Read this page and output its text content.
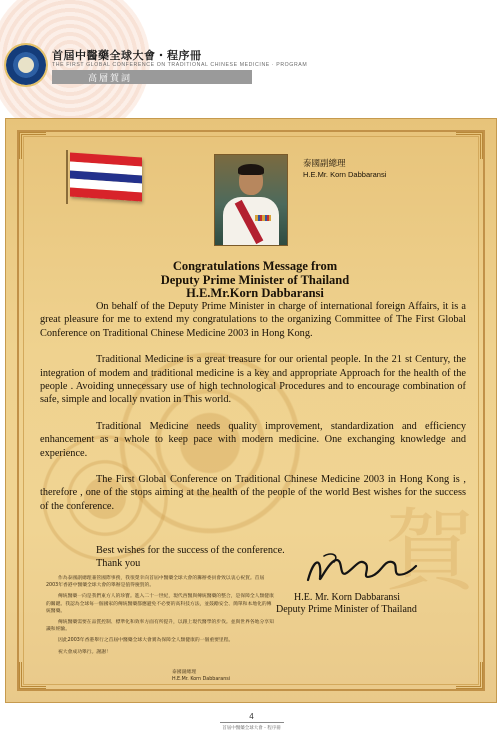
首屆中醫藥全球大會・程序冊
THE FIRST GLOBAL CONFERENCE ON TRADITIONAL CHINESE MEDICINE · PROGRAM
高層賀詞
賀
泰國副總理
H.E.Mr. Korn Dabbaransi
Congratulations Message from
Deputy Prime Minister of Thailand
H.E.Mr.Korn Dabbaransi

On behalf of the Deputy Prime Minister in charge of international foreign Affairs, it is a great pleasure for me to extend my congratulations to the organizing Committee of The First Global Conference on Traditional Chinese Medicine 2003 in Hong Kong.

Traditional Medicine is a great treasure for our oriental people. In the 21 st Century, the integration of modem and traditional medicine is a key and appropriate Approach for the health of the people . Avoiding unnecessary use of high technological Procedures and to encourage combination of safe, simple and locally nvation in This world.

Traditional Medicine needs quality improvement, standardization and efficiency enhancement as a whole to keep pace with modern medicine. One exchanging knowledge and experience.

The First Global Conference on Traditional Chinese Medicine 2003 in Hong Kong is , therefore , one of the stops aiming at the health of the people of the world Best wishes for the success of the conference.

Best wishes for the success of the conference.
Thank you

作為泰國副總理兼管國際事務，我很榮幸向首屆中醫藥全球大會的籌辦委員會致以衷心祝賀。首屆2003年香港中醫藥全球大會的舉辦是值得慶賀的。

傳統醫藥一向是我們東方人的珍寶。進入二十一世紀，現代西醫與傳統醫藥的整合，是保障全人類健康的關鍵。我認為全球每一個國家的傳統醫藥都應避免不必要的高科技方法，並鼓勵安全、簡單和本地化的傳統醫藥。

傳統醫藥需要在品質控制、標準化和效率方面有所提升，以跟上現代醫學的步伐。並與世界各地分享知識和經驗。

因此2003年香港舉行之首屆中醫藥全球大會實為保障全人類健康的一個重要里程。

祝大會成功舉行。謝謝！

泰國副總理
H.E.Mr. Korn Dabbaransi
H.E. Mr. Korn Dabbaransi
Deputy Prime Minister of Thailand
4
首屆中醫藥全球大會・程序冊
